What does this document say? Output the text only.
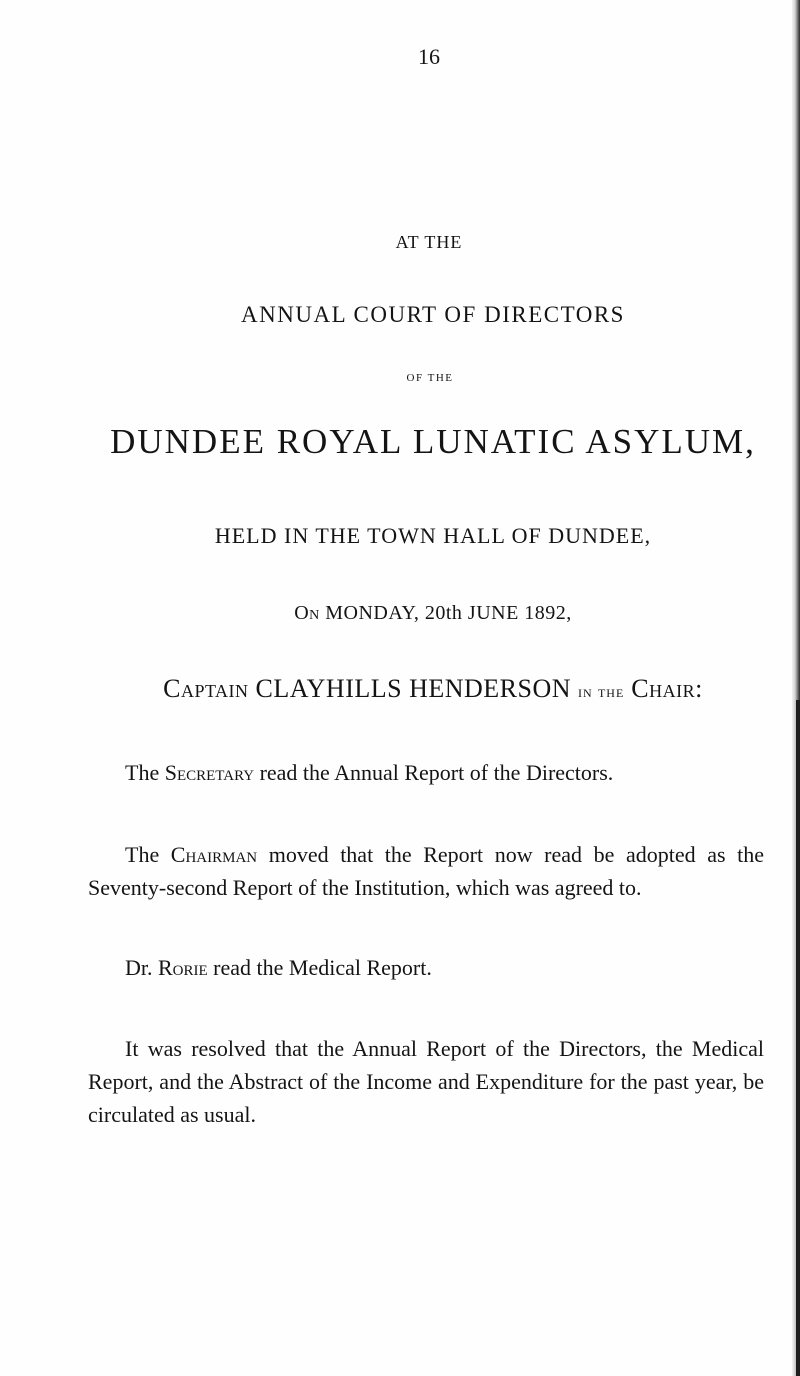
16
AT THE
ANNUAL COURT OF DIRECTORS
OF THE
DUNDEE ROYAL LUNATIC ASYLUM,
HELD IN THE TOWN HALL OF DUNDEE,
On MONDAY, 20th JUNE 1892,
Captain CLAYHILLS HENDERSON in the Chair:
The Secretary read the Annual Report of the Directors.
The Chairman moved that the Report now read be adopted as the Seventy-second Report of the Institution, which was agreed to.
Dr. Rorie read the Medical Report.
It was resolved that the Annual Report of the Directors, the Medical Report, and the Abstract of the Income and Expenditure for the past year, be circulated as usual.
